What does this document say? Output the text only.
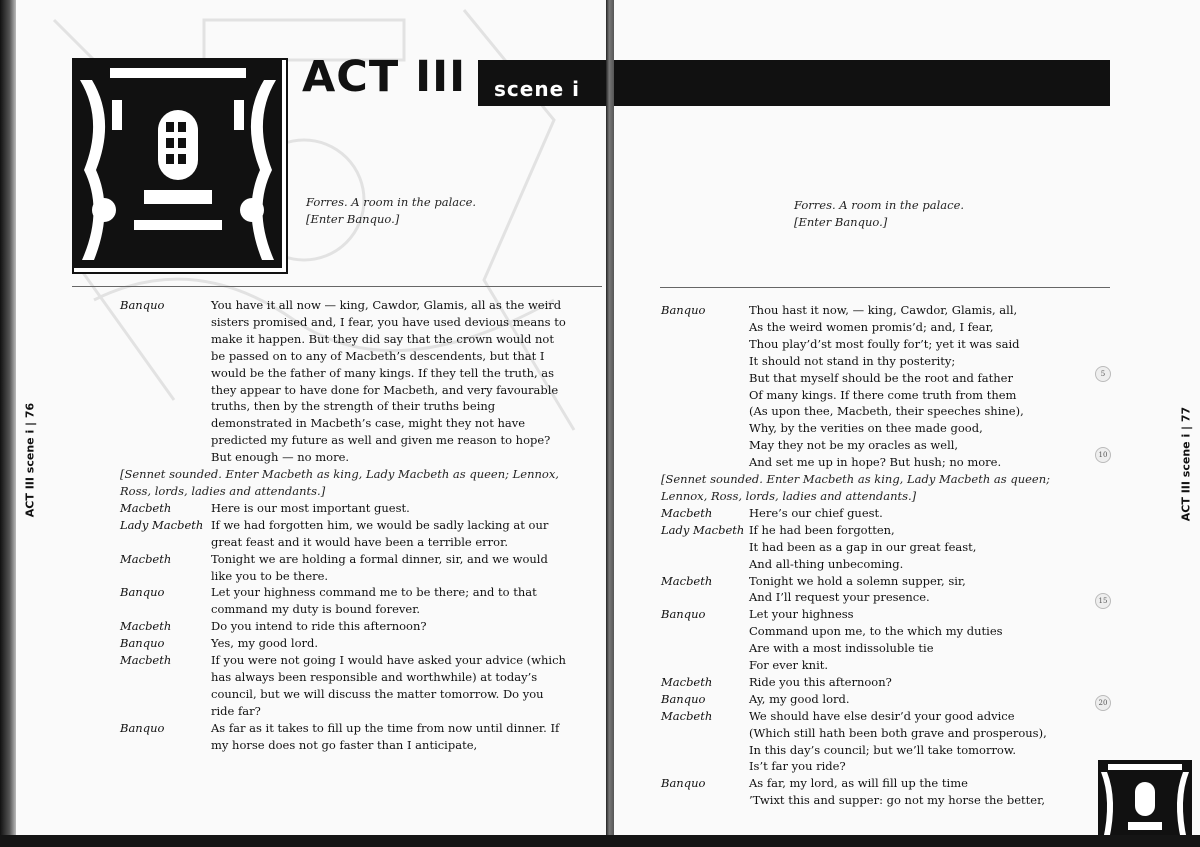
ACT III	scene i
Forres. A room in the palace.
[Enter Banquo.]
ACT III scene i | 76
Banquo	You have it all now — king, Cawdor, Glamis, all as the weird sisters promised and, I fear, you have used devious means to make it happen. But they did say that the crown would not be passed on to any of Macbeth’s descendents, but that I would be the father of many kings. If they tell the truth, as they appear to have done for Macbeth, and very favourable truths, then by the strength of their truths being demonstrated in Macbeth’s case, might they not have predicted my future as well and given me reason to hope? But enough — no more.
[Sennet sounded. Enter Macbeth as king, Lady Macbeth as queen; Lennox, Ross, lords, ladies and attendants.]
Macbeth	Here is our most important guest.
Lady Macbeth If we had forgotten him, we would be sadly lacking at our great feast and it would have been a terrible error.
Macbeth	Tonight we are holding a formal dinner, sir, and we would like you to be there.
Banquo	Let your highness command me to be there; and to that command my duty is bound forever.
Macbeth	Do you intend to ride this afternoon?
Banquo	Yes, my good lord.
Macbeth	If you were not going I would have asked your advice (which has always been responsible and worthwhile) at today’s council, but we will discuss the matter tomorrow. Do you ride far?
Banquo	As far as it takes to fill up the time from now until dinner. If my horse does not go faster than I anticipate,
Forres. A room in the palace.
[Enter Banquo.]
ACT III scene i | 77
Banquo	Thou hast it now, — king, Cawdor, Glamis, all,
As the weird women promis’d; and, I fear,
Thou play’d’st most foully for’t; yet it was said
It should not stand in thy posterity;
But that myself should be the root and father
Of many kings. If there come truth from them
(As upon thee, Macbeth, their speeches shine),
Why, by the verities on thee made good,
May they not be my oracles as well,
And set me up in hope? But hush; no more.
[Sennet sounded. Enter Macbeth as king, Lady Macbeth as queen; Lennox, Ross, lords, ladies and attendants.]
Macbeth	Here’s our chief guest.
Lady Macbeth If he had been forgotten,
It had been as a gap in our great feast,
And all-thing unbecoming.
Macbeth	Tonight we hold a solemn supper, sir,
And I’ll request your presence.
Banquo	Let your highness
Command upon me, to the which my duties
Are with a most indissoluble tie
For ever knit.
Macbeth	Ride you this afternoon?
Banquo	Ay, my good lord.
Macbeth	We should have else desir’d your good advice
(Which still hath been both grave and prosperous),
In this day’s council; but we’ll take tomorrow.
Is’t far you ride?
Banquo	As far, my lord, as will fill up the time
’Twixt this and supper: go not my horse the better,
5
10
15
20
